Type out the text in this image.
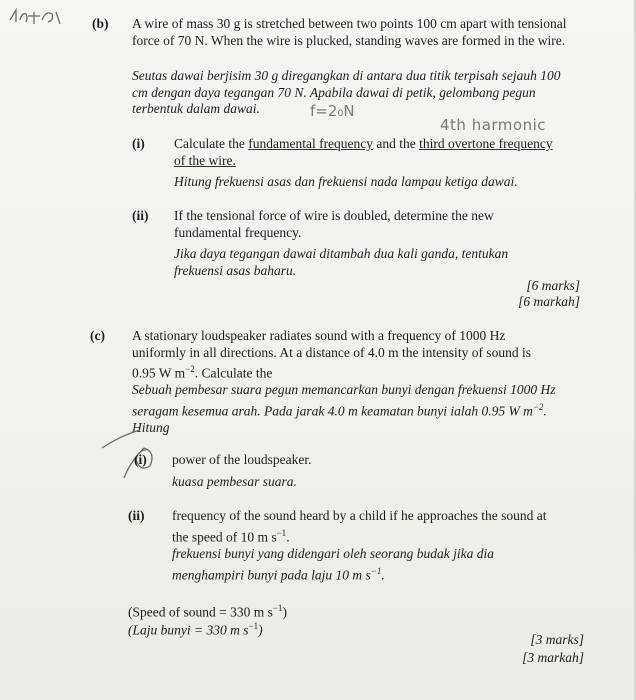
(b) A wire of mass 30 g is stretched between two points 100 cm apart with tensional force of 70 N. When the wire is plucked, standing waves are formed in the wire.
Seutas dawai berjisim 30 g diregangkan di antara dua titik terpisah sejauh 100 cm dengan daya tegangan 70 N. Apabila dawai di petik, gelombang pegun terbentuk dalam dawai.	f=2₀N
4th harmonic
(i) Calculate the fundamental frequency and the third overtone frequency
of the wire.
Hitung frekuensi asas dan frekuensi nada lampau ketiga dawai.
(ii) If the tensional force of wire is doubled, determine the new fundamental frequency.
Jika daya tegangan dawai ditambah dua kali ganda, tentukan frekuensi asas baharu.
[6 marks]
[6 markah]
(c) A stationary loudspeaker radiates sound with a frequency of 1000 Hz
uniformly in all directions. At a distance of 4.0 m the intensity of sound is
0.95 W $m^{-2}$. Calculate the
Sebuah pembesar suara pegun memancarkan bunyi dengan frekuensi 1000 Hz
seragam kesemua arah. Pada jarak 4.0 m keamatan bunyi ialah 0.95 W $m^{-2}$.
Hitung
(i) power of the loudspeaker.
kuasa pembesar suara.
(ii) frequency of the sound heard by a child if he approaches the sound at
the speed of 10 m $s^{-1}$.
frekuensi bunyi yang didengari oleh seorang budak jika dia
menghampiri bunyi pada laju 10 m $s^{-1}$.
(Speed of sound = 330 m $s^{-1}$)
(Laju bunyi = 330 m $s^{-1}$)
[3 marks]
[3 markah]
